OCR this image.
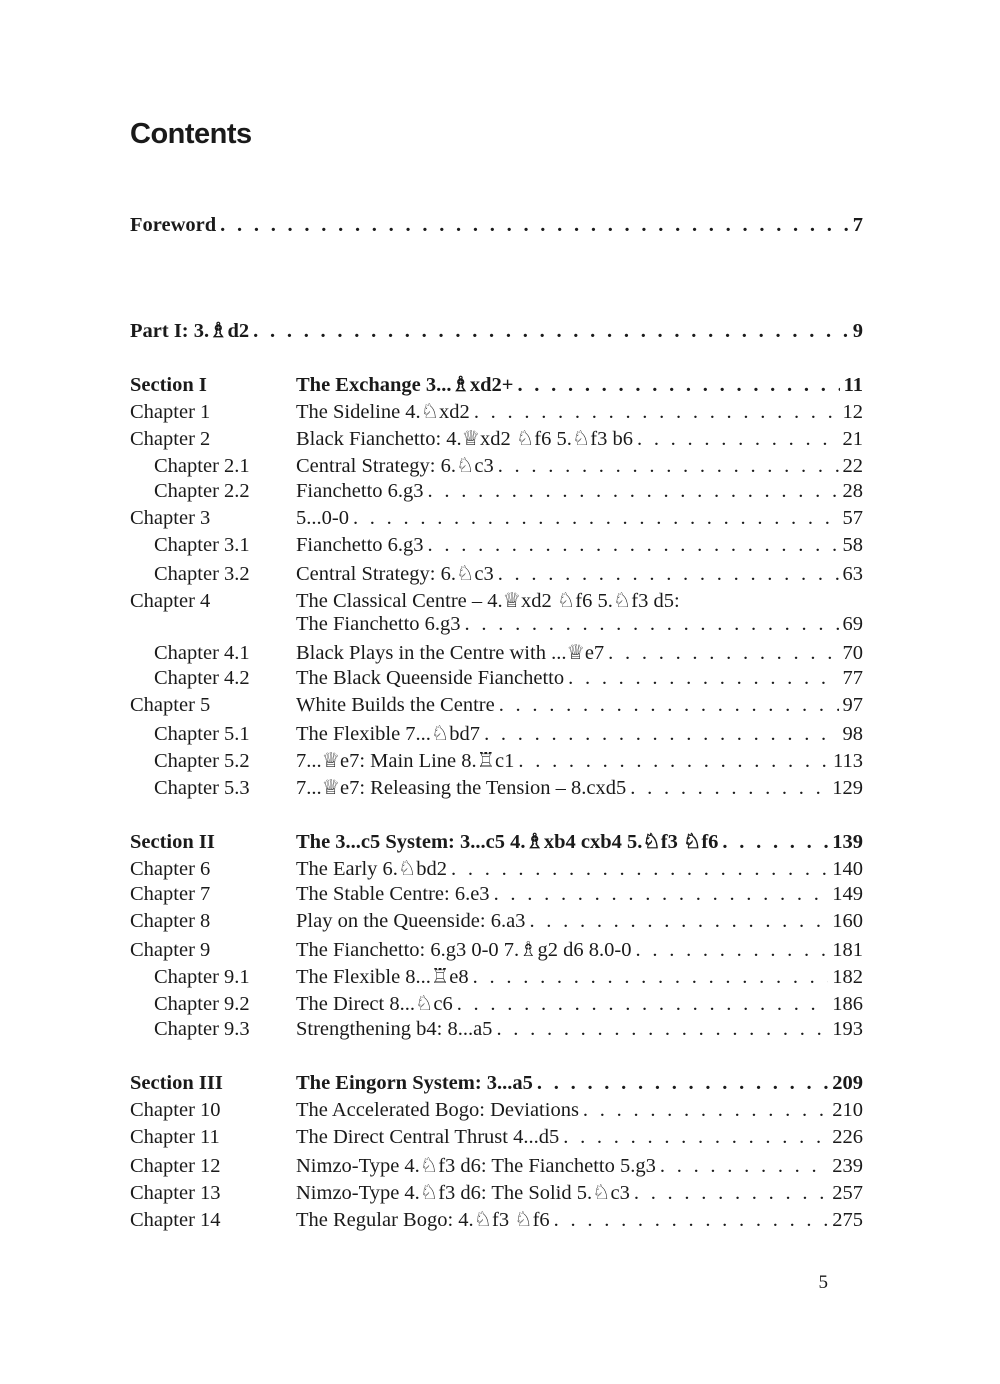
Contents
Foreword . . .	7
Part I: 3.♗d2 . . .	9
Section I	The Exchange 3...♗xd2+ . . .	11
Chapter 1	The Sideline 4.♘xd2 . . .	12
Chapter 2	Black Fianchetto: 4.♕xd2 ♘f6 5.♘f3 b6 . . .	21
Chapter 2.1	Central Strategy: 6.♘c3 . . .	22
Chapter 2.2	Fianchetto 6.g3 . . .	28
Chapter 3	5...0-0 . . .	57
Chapter 3.1	Fianchetto 6.g3 . . .	58
Chapter 3.2	Central Strategy: 6.♘c3 . . .	63
Chapter 4	The Classical Centre – 4.♕xd2 ♘f6 5.♘f3 d5:
The Fianchetto 6.g3 . . .	69
Chapter 4.1	Black Plays in the Centre with ...♕e7 . . .	70
Chapter 4.2	The Black Queenside Fianchetto . . .	77
Chapter 5	White Builds the Centre . . .	97
Chapter 5.1	The Flexible 7...♘bd7 . . .	98
Chapter 5.2	7...♕e7: Main Line 8.♖c1 . . .	113
Chapter 5.3	7...♕e7: Releasing the Tension – 8.cxd5 . . .	129
Section II	The 3...c5 System: 3...c5 4.♗xb4 cxb4 5.♘f3 ♘f6 . . .	139
Chapter 6	The Early 6.♘bd2 . . .	140
Chapter 7	The Stable Centre: 6.e3 . . .	149
Chapter 8	Play on the Queenside: 6.a3 . . .	160
Chapter 9	The Fianchetto: 6.g3 0-0 7.♗g2 d6 8.0-0 . . .	181
Chapter 9.1	The Flexible 8...♖e8 . . .	182
Chapter 9.2	The Direct 8...♘c6 . . .	186
Chapter 9.3	Strengthening b4: 8...a5 . . .	193
Section III	The Eingorn System: 3...a5 . . .	209
Chapter 10	The Accelerated Bogo: Deviations . . .	210
Chapter 11	The Direct Central Thrust 4...d5 . . .	226
Chapter 12	Nimzo-Type 4.♘f3 d6: The Fianchetto 5.g3 . . .	239
Chapter 13	Nimzo-Type 4.♘f3 d6: The Solid 5.♘c3 . . .	257
Chapter 14	The Regular Bogo: 4.♘f3 ♘f6 . . .	275
5
